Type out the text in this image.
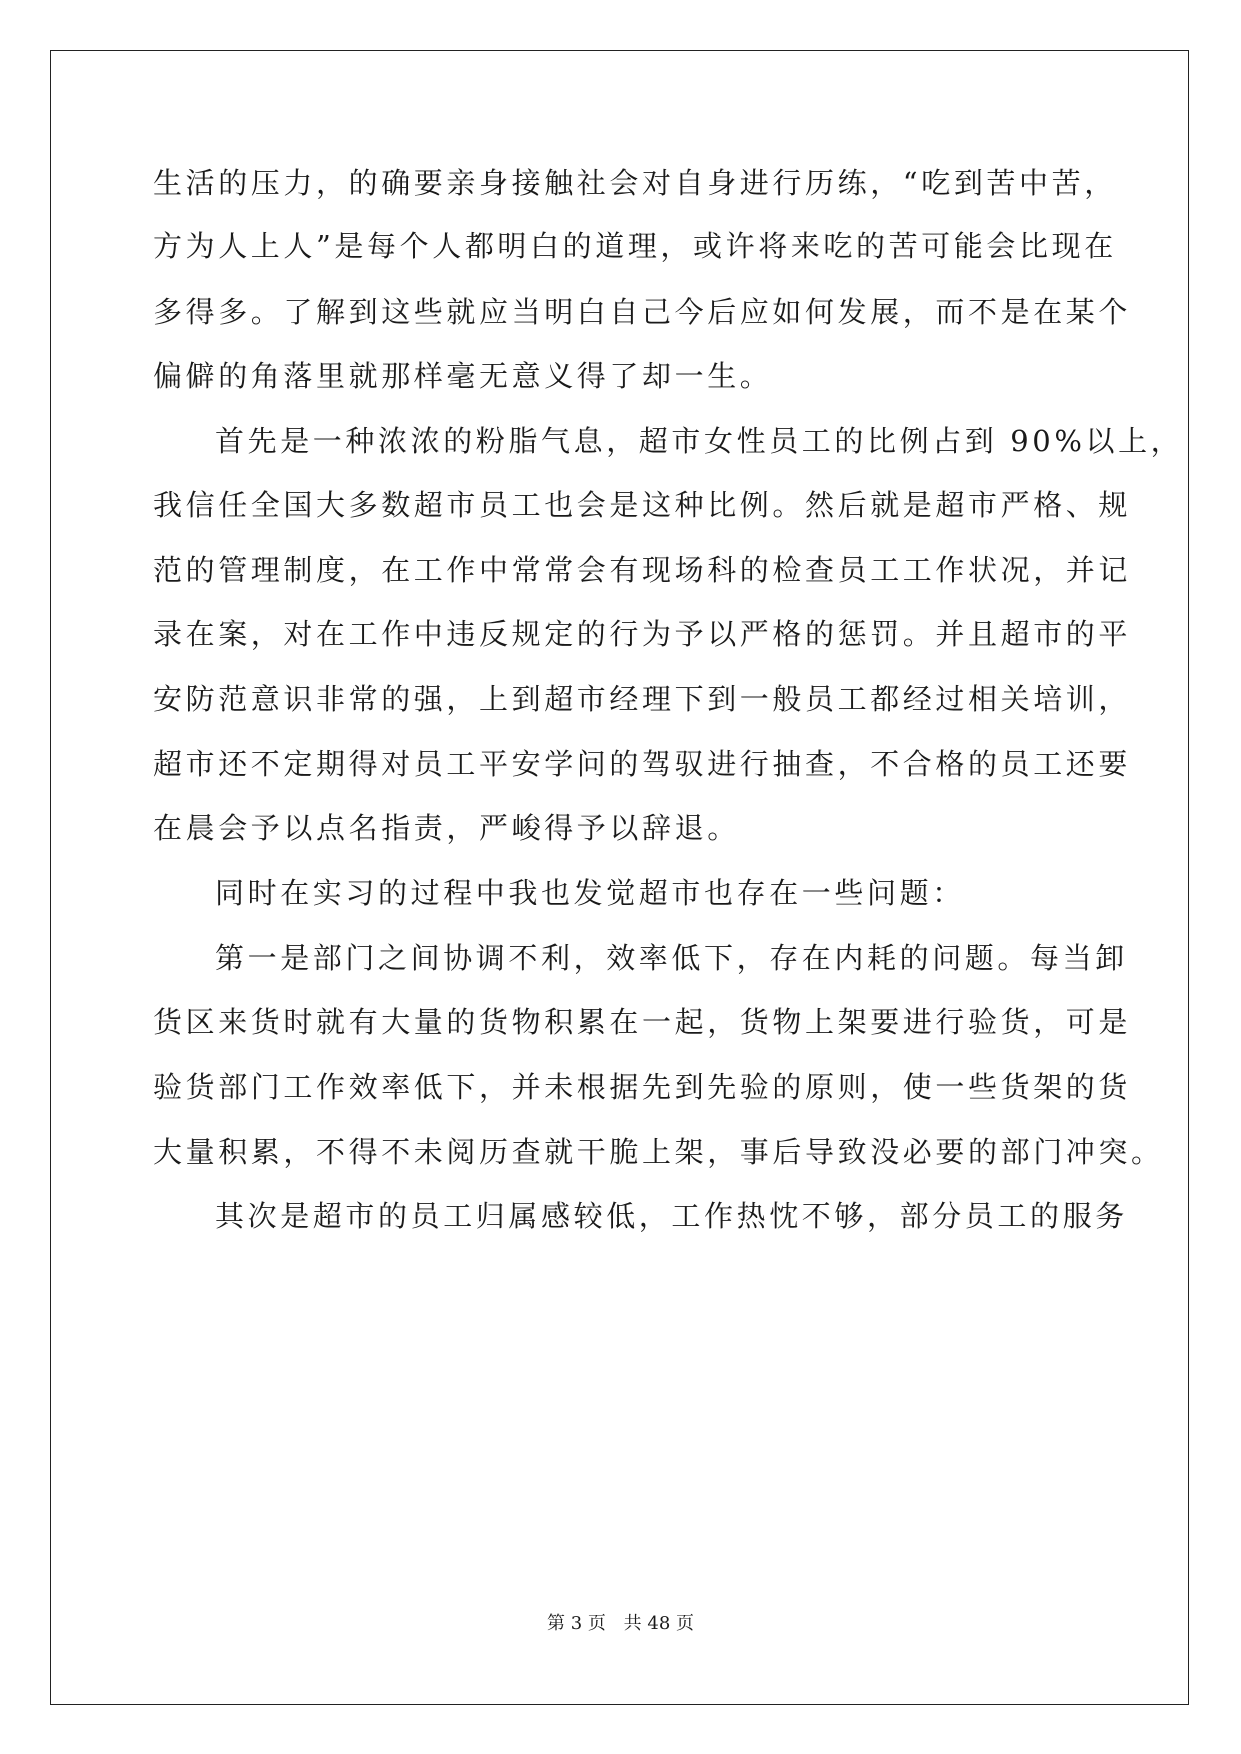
生活的压力，的确要亲身接触社会对自身进行历练，“吃到苦中苦，
方为人上人”是每个人都明白的道理，或许将来吃的苦可能会比现在
多得多。了解到这些就应当明白自己今后应如何发展，而不是在某个
偏僻的角落里就那样毫无意义得了却一生。
首先是一种浓浓的粉脂气息，超市女性员工的比例占到 90%以上，
我信任全国大多数超市员工也会是这种比例。然后就是超市严格、规
范的管理制度，在工作中常常会有现场科的检查员工工作状况，并记
录在案，对在工作中违反规定的行为予以严格的惩罚。并且超市的平
安防范意识非常的强，上到超市经理下到一般员工都经过相关培训，
超市还不定期得对员工平安学问的驾驭进行抽查，不合格的员工还要
在晨会予以点名指责，严峻得予以辞退。
同时在实习的过程中我也发觉超市也存在一些问题：
第一是部门之间协调不利，效率低下，存在内耗的问题。每当卸
货区来货时就有大量的货物积累在一起，货物上架要进行验货，可是
验货部门工作效率低下，并未根据先到先验的原则，使一些货架的货
大量积累，不得不未阅历查就干脆上架，事后导致没必要的部门冲突。
其次是超市的员工归属感较低，工作热忱不够，部分员工的服务
第 3 页 共 48 页
